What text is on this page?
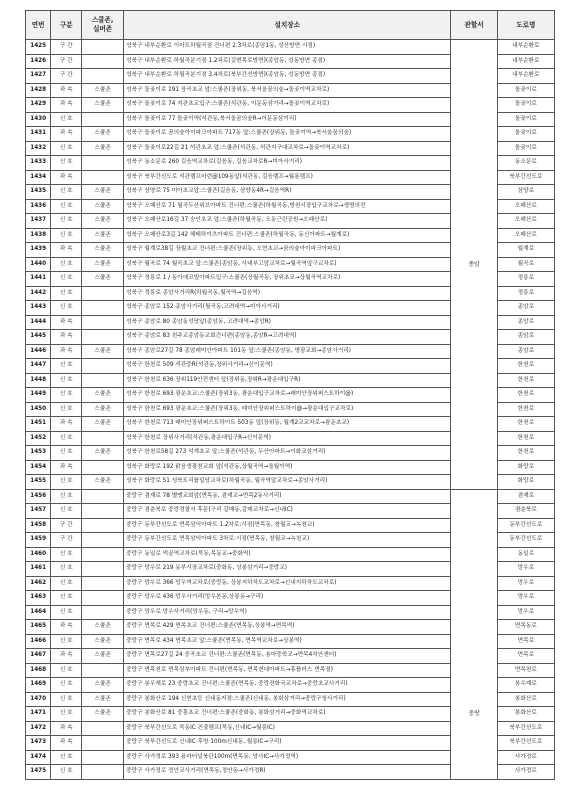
연번	구분	스쿨존,
실버존	설치장소	관할서	도로명
1425	구 간		성북구 내부순환로 이마트하월곡점 건너편 2.3차로(종암1동, 성산방면 시점)		내부순환로
1426	구 간		성북구 내부순환로 하월곡분기점 1.2차로(길변목로방면)(종암동, 성동방면 종점)		내부순환로
1427	구 간		성북구 내부순환로 하월곡분기점 3.4차로(북부간선방면)(종암동, 성동방면 종점)		내부순환로
1428	과 속	스쿨존	성북구 돌곶이로 191 장곡초교 앞:스쿨존(장위동, 북서울꿈의숲→돌곶이역교차로)		돌곶이로
1429	과 속	스쿨존	성북구 돌곶이로 74 석관초교입구:스쿨존(석관동, 이문동삼거리→돌곶이역교차로)		돌곶이로
1430	신 호		성북구 돌곶이로 77 돌곶이역(석관동,북서울꿈의숲R→이문동삼거리)		돌곶이로
1431	과 속	스쿨존	성북구 돌곶이로 꿈의숲아이파크아파트 717동 앞:스쿨존(장위동, 돌곶이역→북서울꿈의숲)		돌곶이로
1432	신 호	스쿨존	성북구 돌곶이로22길 21 석관초교 앞:스쿨존(석관동, 석관지구대교차로→돌곶이역교차로)		돌곶이로
1433	신 호		성북구 동소문로 260 길음역교차로(길음동, 길음교차로R→미아사거리)		동소문로
1434	과 속		성북구 북부간선도로 석관램프마련@109동앞(석관동, 길음램프→월롱램프)		북부간선도로
1435	신 호	스쿨존	성북구 삼양로 75 미아초교앞:스쿨존(길음동, 삼양동4R→길음역R)		삼양로
1436	신 호	스쿨존	성북구 오패산로 71 월곡두산위브아파트 건너편:스쿨존(하월곡동,방천시장입구교차로→생명의전		오패산로
1437	신 호	스쿨존	성북구 오패산로16길 37 숭인초교 앞:스쿨존(하월곡동, 오동근린공원→오패산로)		오패산로
1438	신 호	스쿨존	성북구 오패산로3길 142 해태하이츠아파트 건너편:스쿨존(하월곡동, 동신아파트→월계로)		오패산로
1439	과 속	스쿨존	성북구 월계로38길 장월초교 건너편:스쿨존(장위동, 오현초교→꿈의숲아이파크아파트)		월계로
1440	신 호	스쿨존	성북구 월곡로 74 월곡초교 앞:스쿨존(종암동, 사대부고앞교차로→월곡역앞구교차로)	종암	월곡로
1441	신 호	스쿨존	성북구 정릉로 1 / 동아에코빌아파트입구:스쿨존(상월곡동, 장위초교→상월곡역교차로)		정릉로
1442	신 호		성북구 정릉로 종암사거리R(하월곡동,월곡역→길음역)		정릉로
1443	신 호		성북구 종암로 152 종암사거리(월곡동,고려대역→미아사거리)		종암로
1444	과 속		성북구 종암로 80 종암동성당앞(종암동, 고려대역→종암R)		종암로
1445	과 속		성북구 종암로 83 천주교종암동교회건너편(종암동,종암R→고려대역)		종암로
1446	과 속	스쿨존	성북구 종암로27길 78 종암래미안아파트 101동 앞:스쿨존(종암동, 명광교회→종암사거리)		종암로
1447	신 호		성북구 한천로 509 석관중R(석관동,장위사거리→신이문역)		한천로
1448	신 호		성북구 한천로 636 장위119안전센터 앞(장위동,장위R→광운대입구R)		한천로
1449	신 호	스쿨존	성북구 한천로 693 광운초교:스쿨존(장위3동, 광운대입구교차로→래미안장위퍼스트하이@)		한천로
1450	신 호	스쿨존	성북구 한천로 693 광운초교:스쿨존(장위3동, 래미안장위퍼스트하이@→광운대입구교차로)		한천로
1451	과 속	스쿨존	성북구 한천로 713 래미안장위퍼스트하이트 503동 앞(장위동, 월계2교교차로→광운초교)		한천로
1452	신 호		성북구 한천로 장위사거리(석관동,광운대입구R→신이문역)		한천로
1453	신 호	스쿨존	성북구 한천로58길 273 석계초교 앞:스쿨존(석관동, 두산아파트→이화교삼거리)		한천로
1454	과 속		성북구 화랑로 192 맑음생광천교회 앞(석관동,상월곡역→돌월이역)		화랑로
1455	신 호	스쿨존	성북구 화랑로 51 성북트리플밀당교차로(하월곡동, 월곡역앞교차로→종암사거리)		화랑로
1456	신 호		중랑구 겸재로 78 별맹교회앞(면목동, 겸재교→면목2동사거리)		겸재로
1457	신 호		중랑구 겸춘북로 중랑경찰서 후문(구리 갈매동,갈매교차로→신내IC)		겸춘북로
1458	구 간		중랑구 동부간선도로 면목삼익아파트 1.2차로:시점(면목동, 창월교→녹천교)		동부간선도로
1459	구 간		중랑구 동부간선도로 면목삼익아파트 3차로:시점(면목동, 창월교→녹천교)		동부간선도로
1460	신 호		중랑구 동일로 먹골역교차로(묵동,목동교→중화역)		동일로
1461	신 호		중랑구 망우로 219 동부시장교차로(중화동, 상봉삼거리→중랑교)		망우로
1462	신 호		중랑구 망우로 366 망우역교차로(중랑동, 상봉지하차도교차로→신내지하차도교차로)		망우로
1463	신 호		중랑구 망우로 436 망우사거리(망우본동,상봉동→구리)		망우로
1464	신 호		중랑구 망우로 망우사거리(망우동, 구리→망우역)		망우로
1465	과 속	스쿨존	중랑구 면목로 429 면목초교 건너편:스쿨존(면목동,상봉역→면목역)		면목동로
1466	신 호	스쿨존	중랑구 면목로 434 면목초교 앞:스쿨존(면목동, 면목역교차로→상봉역)		면목로
1467	과 속	스쿨존	중랑구 면목로27길 24 중곡초교 건너편:스쿨존(면목동, 용마중학교→면목4치안센터)		면목로
1468	신 호		중랑구 면목천로 면목삼부아파트 건너편(면목동, 면목현대아파트→휴플러스 면목점)		면목천로
1469	신 호	스쿨존	중랑구 봉우재로 23 중랑초교 건너편:스쿨존(면목동, 중랑전화국교차로→중랑초교사거리)		봉우재로
1470	신 호	스쿨존	중랑구 봉화산로 194 신현초등 신내동지점:스쿨존(신내동, 봉화삼거리→중랑구청사거리)		봉화산로
1471	신 호	스쿨존	중랑구 봉화산로 81 중흥초교 건너편:스쿨존(중화동, 봉화삼거리→중화역교차로)	중랑	봉화산로
1472	과 속		중랑구 북부간선도로 묵동IC 진출램프(묵동,신내IC→월릉IC)		북부간선도로
1473	과 속		중랑구 북부간선도로 신내IC 후방 100m신내동, 월릉IC→구리)		북부간선도로
1474	신 호		중랑구 사가정로 393 용마터널북단100m(면목동, 망사IC→사가정역)		사가정로
1475	신 호		중랑구 사가정로 정안교사거리(면목동,정안동→사가정R)		사가정로
